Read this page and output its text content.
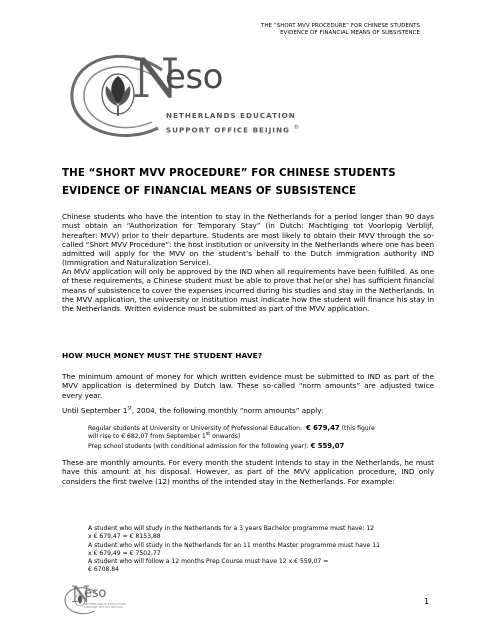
THE “SHORT MVV PROCEDURE” FOR CHINESE STUDENTS
EVIDENCE OF FINANCIAL MEANS OF SUBSISTENCE
N
eso
NETHERLANDS EDUCATION
SUPPORT OFFICE BEIJING ®
THE “SHORT MVV PROCEDURE” FOR CHINESE STUDENTS
EVIDENCE OF FINANCIAL MEANS OF SUBSISTENCE

Chinese students who have the intention to stay in the Netherlands for a period longer than 90 days must obtain an “Authorization for Temporary Stay” (in Dutch: Machtiging tot Voorlopig Verblijf, hereafter: MVV) prior to their departure. Students are most likely to obtain their MVV through the so-called “Short MVV Procedure”: the host institution or university in the Netherlands where one has been admitted will apply for the MVV on the student’s behalf to the Dutch immigration authority IND (Immigration and Naturalization Service).

An MVV application will only be approved by the IND when all requirements have been fulfilled. As one of these requirements, a Chinese student must be able to prove that he(or she) has sufficient financial means of subsistence to cover the expenses incurred during his studies and stay in the Netherlands. In the MVV application, the university or institution must indicate how the student will finance his stay in the Netherlands. Written evidence must be submitted as part of the MVV application.

HOW MUCH MONEY MUST THE STUDENT HAVE?

The minimum amount of money for which written evidence must be submitted to IND as part of the MVV application is determined by Dutch law. These so-called “norm amounts” are adjusted twice every year.

Until September 1st, 2004, the following monthly “norm amounts” apply:

Regular students at University or University of Professional Education: € 679,47 (this figure
will rise to € 682,07 from September 1st onwards)
Prep school students (with conditional admission for the following year): € 559,07

These are monthly amounts. For every month the student intends to stay in the Netherlands, he must have this amount at his disposal. However, as part of the MVV application procedure, IND only considers the first twelve (12) months of the intended stay in the Netherlands. For example:

A student who will study in the Netherlands for a 3 years Bachelor programme must have: 12
x € 679,47 = € 8153,88
A student who will study in the Netherlands for an 11 months Master programme must have 11
x € 679,49 = € 7502,77
A student who will follow a 12 months Prep Course must have 12 x € 559,07 =
€ 6708,84
N
eso
NETHERLANDS EDUCATION
SUPPORT OFFICE BEIJING
1
